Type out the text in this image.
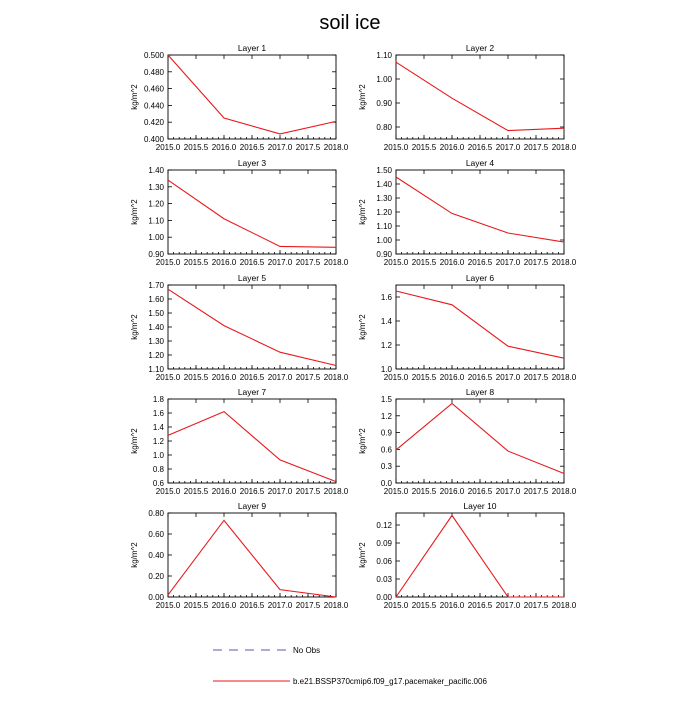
soil ice
Layer 1
2015.0 2015.5 2016.0 2016.5 2017.0 2017.5 2018.0
0.400
0.420
0.440
0.460
0.480
0.500
kg/m^2
Layer 2
2015.0 2015.5 2016.0 2016.5 2017.0 2017.5 2018.0
0.80
0.90
1.00
1.10
kg/m^2
Layer 3
2015.0 2015.5 2016.0 2016.5 2017.0 2017.5 2018.0
0.90
1.00
1.10
1.20
1.30
1.40
kg/m^2
Layer 4
2015.0 2015.5 2016.0 2016.5 2017.0 2017.5 2018.0
0.90
1.00
1.10
1.20
1.30
1.40
1.50
kg/m^2
Layer 5
2015.0 2015.5 2016.0 2016.5 2017.0 2017.5 2018.0
1.10
1.20
1.30
1.40
1.50
1.60
1.70
kg/m^2
Layer 6
2015.0 2015.5 2016.0 2016.5 2017.0 2017.5 2018.0
1.0
1.2
1.4
1.6
kg/m^2
Layer 7
2015.0 2015.5 2016.0 2016.5 2017.0 2017.5 2018.0
0.6
0.8
1.0
1.2
1.4
1.6
1.8
kg/m^2
Layer 8
2015.0 2015.5 2016.0 2016.5 2017.0 2017.5 2018.0
0.0
0.3
0.6
0.9
1.2
1.5
kg/m^2
Layer 9
2015.0 2015.5 2016.0 2016.5 2017.0 2017.5 2018.0
0.00
0.20
0.40
0.60
0.80
kg/m^2
Layer 10
2015.0 2015.5 2016.0 2016.5 2017.0 2017.5 2018.0
0.00
0.03
0.06
0.09
0.12
kg/m^2
No Obs
b.e21.BSSP370cmip6.f09_g17.pacemaker_pacific.006
